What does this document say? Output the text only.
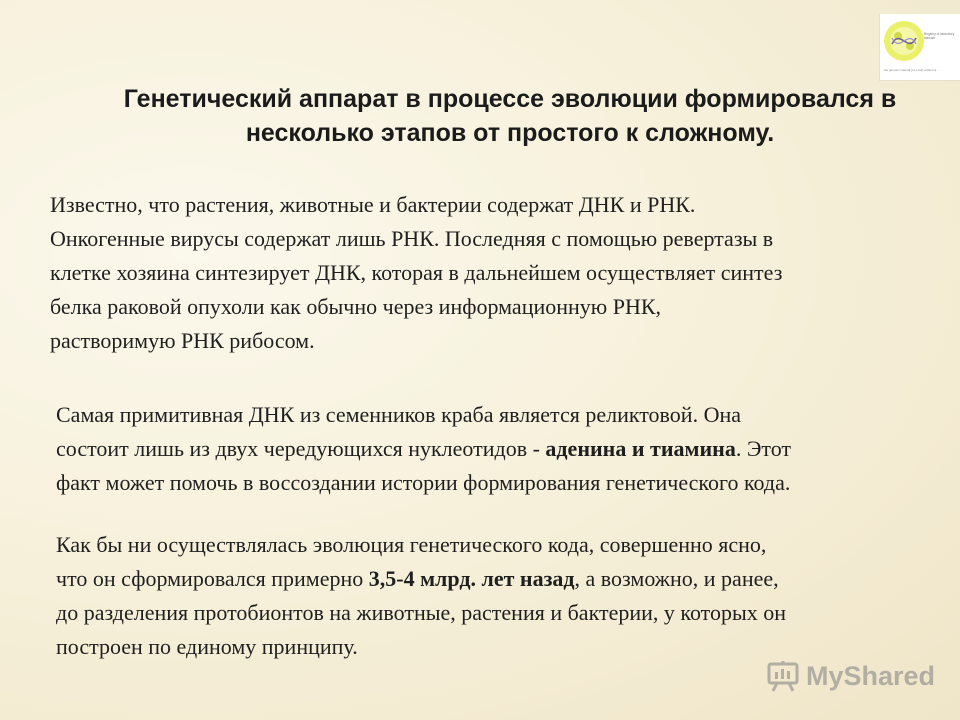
Registry of laboratory animals
the genetic material (of a cell) without a ...
Генетический аппарат в процессе эволюции формировался в
несколько этапов от простого к сложному.
Известно, что растения, животные и бактерии содержат ДНК и РНК.
Онкогенные вирусы содержат лишь РНК. Последняя с помощью ревертазы в
клетке хозяина синтезирует ДНК, которая в дальнейшем осуществляет синтез
белка раковой опухоли как обычно через информационную РНК,
растворимую РНК рибосом.
Самая примитивная ДНК из семенников краба является реликтовой. Она
состоит лишь из двух чередующихся нуклеотидов - аденина и тиамина. Этот
факт может помочь в воссоздании истории формирования генетического кода.
Как бы ни осуществлялась эволюция генетического кода, совершенно ясно,
что он сформировался примерно 3,5-4 млрд. лет назад, а возможно, и ранее,
до разделения протобионтов на животные, растения и бактерии, у которых он
построен по единому принципу.
MyShared
